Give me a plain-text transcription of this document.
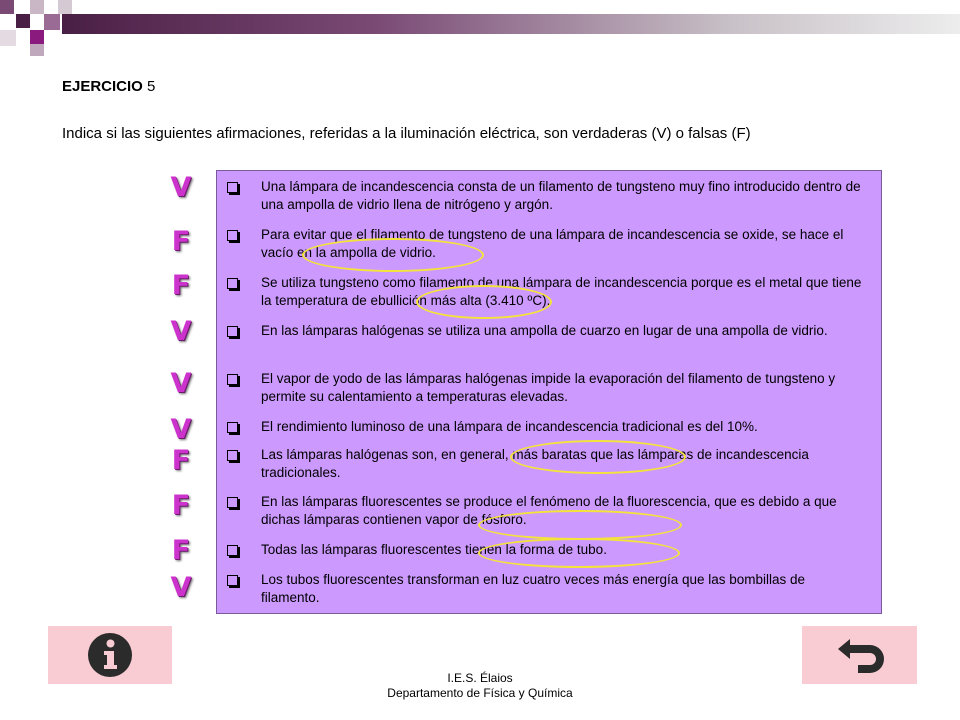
EJERCICIO 5
Indica si las siguientes afirmaciones, referidas a la iluminación eléctrica, son verdaderas (V) o falsas (F)
Una lámpara de incandescencia consta de un filamento de tungsteno muy fino introducido dentro de una ampolla de vidrio llena de nitrógeno y argón.
Para evitar que el filamento de tungsteno de una lámpara de incandescencia se oxide, se hace el vacío en la ampolla de vidrio.
Se utiliza tungsteno como filamento de una lámpara de incandescencia porque es el metal que tiene la temperatura de ebullición más alta (3.410 ºC).
En las lámparas halógenas se utiliza una ampolla de cuarzo en lugar de una ampolla de vidrio.
El vapor de yodo de las lámparas halógenas impide la evaporación del filamento de tungsteno y permite su calentamiento a temperaturas elevadas.
El rendimiento luminoso de una lámpara de incandescencia tradicional es del 10%.
Las lámparas halógenas son, en general, más baratas que las lámparas de incandescencia tradicionales.
En las lámparas fluorescentes se produce el fenómeno de la fluorescencia, que es debido a que dichas lámparas contienen vapor de fósforo.
Todas las lámparas fluorescentes tienen la forma de tubo.
Los tubos fluorescentes transforman en luz cuatro veces más energía que las bombillas de filamento.
V
F
F
V
V
V
F
F
F
V
I.E.S. Élaios
Departamento de Física y Química
